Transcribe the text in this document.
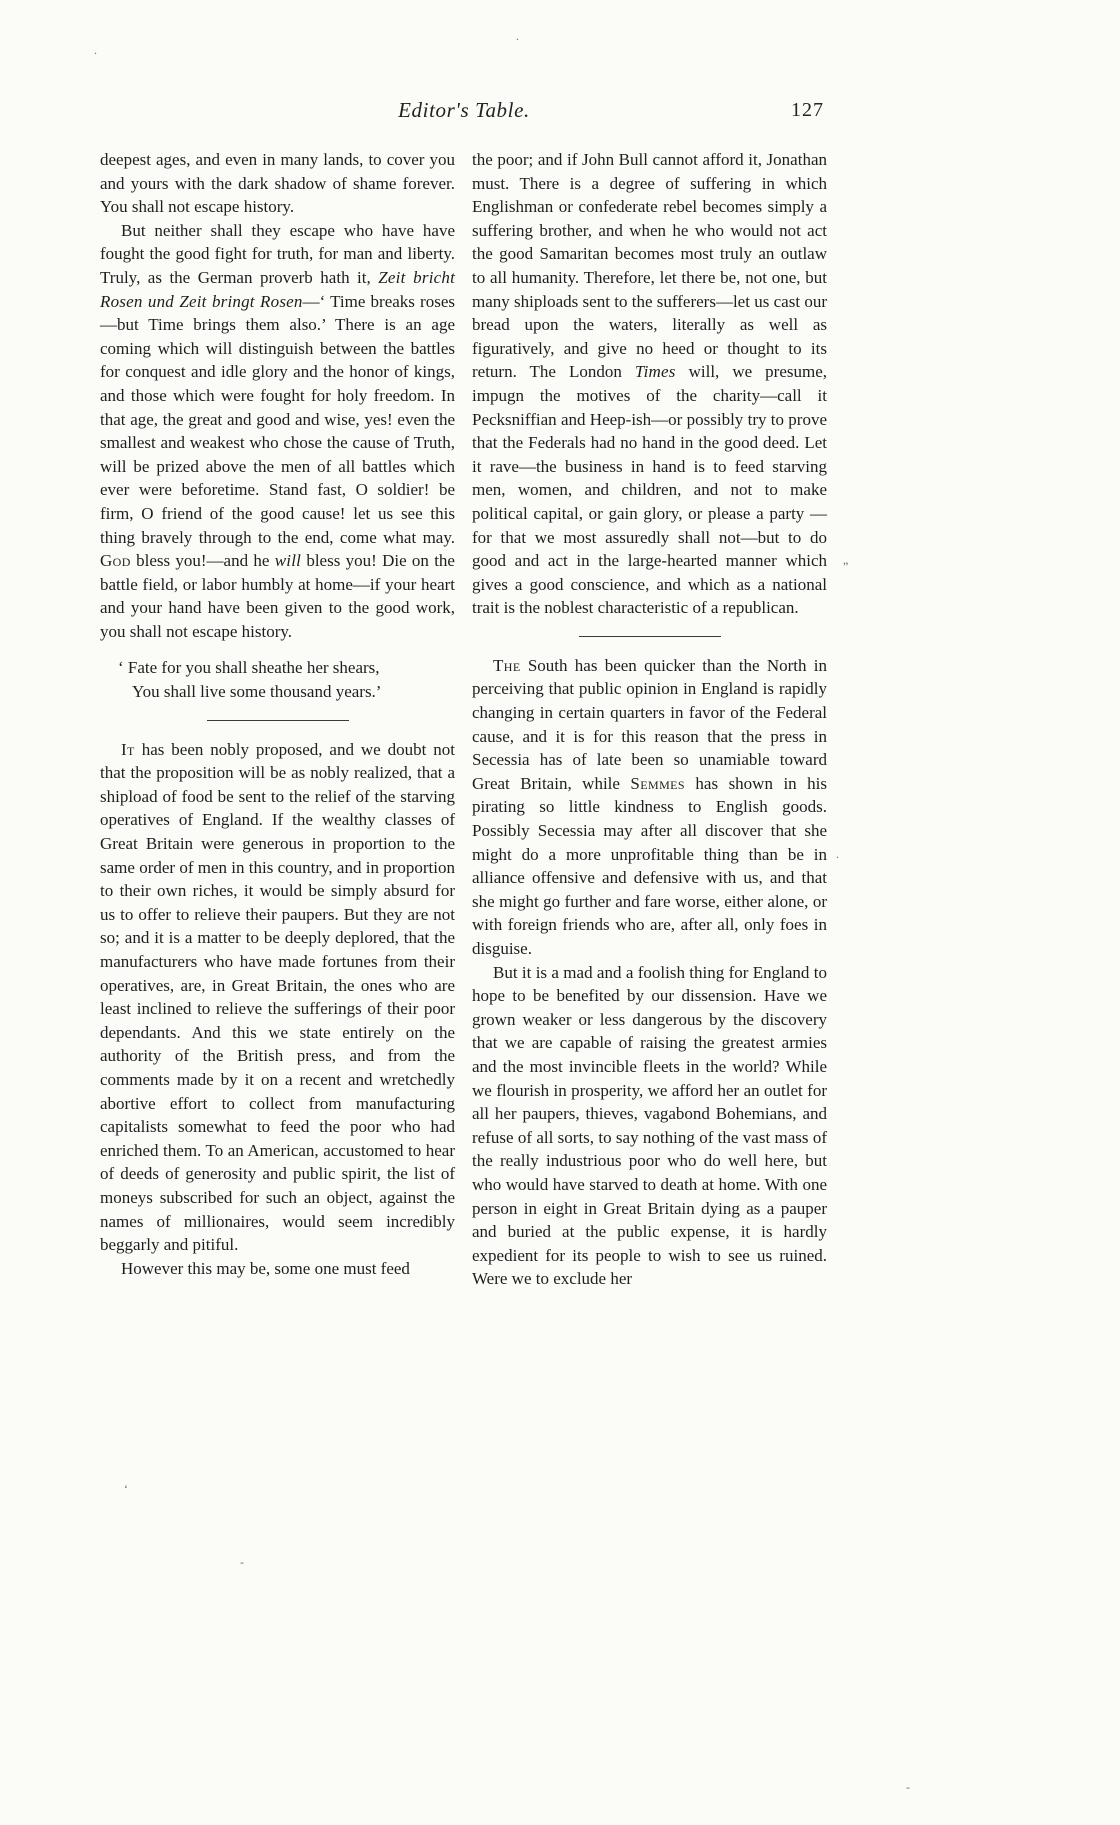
Editor's Table.	127

deepest ages, and even in many lands, to cover you and yours with the dark shadow of shame forever. You shall not escape history.

But neither shall they escape who have have fought the good fight for truth, for man and liberty. Truly, as the German proverb hath it, Zeit bricht Rosen und Zeit bringt Rosen—‘ Time breaks roses—but Time brings them also.’ There is an age coming which will distinguish between the battles for conquest and idle glory and the honor of kings, and those which were fought for holy freedom. In that age, the great and good and wise, yes! even the smallest and weakest who chose the cause of Truth, will be prized above the men of all battles which ever were beforetime. Stand fast, O soldier! be firm, O friend of the good cause! let us see this thing bravely through to the end, come what may. God bless you!—and he will bless you! Die on the battle field, or labor humbly at home—if your heart and your hand have been given to the good work, you shall not escape history.

‘ Fate for you shall sheathe her shears,
You shall live some thousand years.’

It has been nobly proposed, and we doubt not that the proposition will be as nobly realized, that a shipload of food be sent to the relief of the starving operatives of England. If the wealthy classes of Great Britain were generous in proportion to the same order of men in this country, and in proportion to their own riches, it would be simply absurd for us to offer to relieve their paupers. But they are not so; and it is a matter to be deeply deplored, that the manufacturers who have made fortunes from their operatives, are, in Great Britain, the ones who are least inclined to relieve the sufferings of their poor dependants. And this we state entirely on the authority of the British press, and from the comments made by it on a recent and wretchedly abortive effort to collect from manufacturing capitalists somewhat to feed the poor who had enriched them. To an American, accustomed to hear of deeds of generosity and public spirit, the list of moneys subscribed for such an object, against the names of millionaires, would seem incredibly beggarly and pitiful.

However this may be, some one must feed

the poor; and if John Bull cannot afford it, Jonathan must. There is a degree of suffering in which Englishman or confederate rebel becomes simply a suffering brother, and when he who would not act the good Samaritan becomes most truly an outlaw to all humanity. Therefore, let there be, not one, but many shiploads sent to the sufferers—let us cast our bread upon the waters, literally as well as figuratively, and give no heed or thought to its return. The London Times will, we presume, impugn the motives of the charity—call it Pecksniffian and Heep-ish—or possibly try to prove that the Federals had no hand in the good deed. Let it rave—the business in hand is to feed starving men, women, and children, and not to make political capital, or gain glory, or please a party —for that we most assuredly shall not—but to do good and act in the large-hearted manner which gives a good conscience, and which as a national trait is the noblest characteristic of a republican.

The South has been quicker than the North in perceiving that public opinion in England is rapidly changing in certain quarters in favor of the Federal cause, and it is for this reason that the press in Secessia has of late been so unamiable toward Great Britain, while Semmes has shown in his pirating so little kindness to English goods. Possibly Secessia may after all discover that she might do a more unprofitable thing than be in alliance offensive and defensive with us, and that she might go further and fare worse, either alone, or with foreign friends who are, after all, only foes in disguise.

But it is a mad and a foolish thing for England to hope to be benefited by our dissension. Have we grown weaker or less dangerous by the discovery that we are capable of raising the greatest armies and the most invincible fleets in the world? While we flourish in prosperity, we afford her an outlet for all her paupers, thieves, vagabond Bohemians, and refuse of all sorts, to say nothing of the vast mass of the really industrious poor who do well here, but who would have starved to death at home. With one person in eight in Great Britain dying as a pauper and buried at the public expense, it is hardly expedient for its people to wish to see us ruined. Were we to exclude her

.
.
”
.
‘
-
-
